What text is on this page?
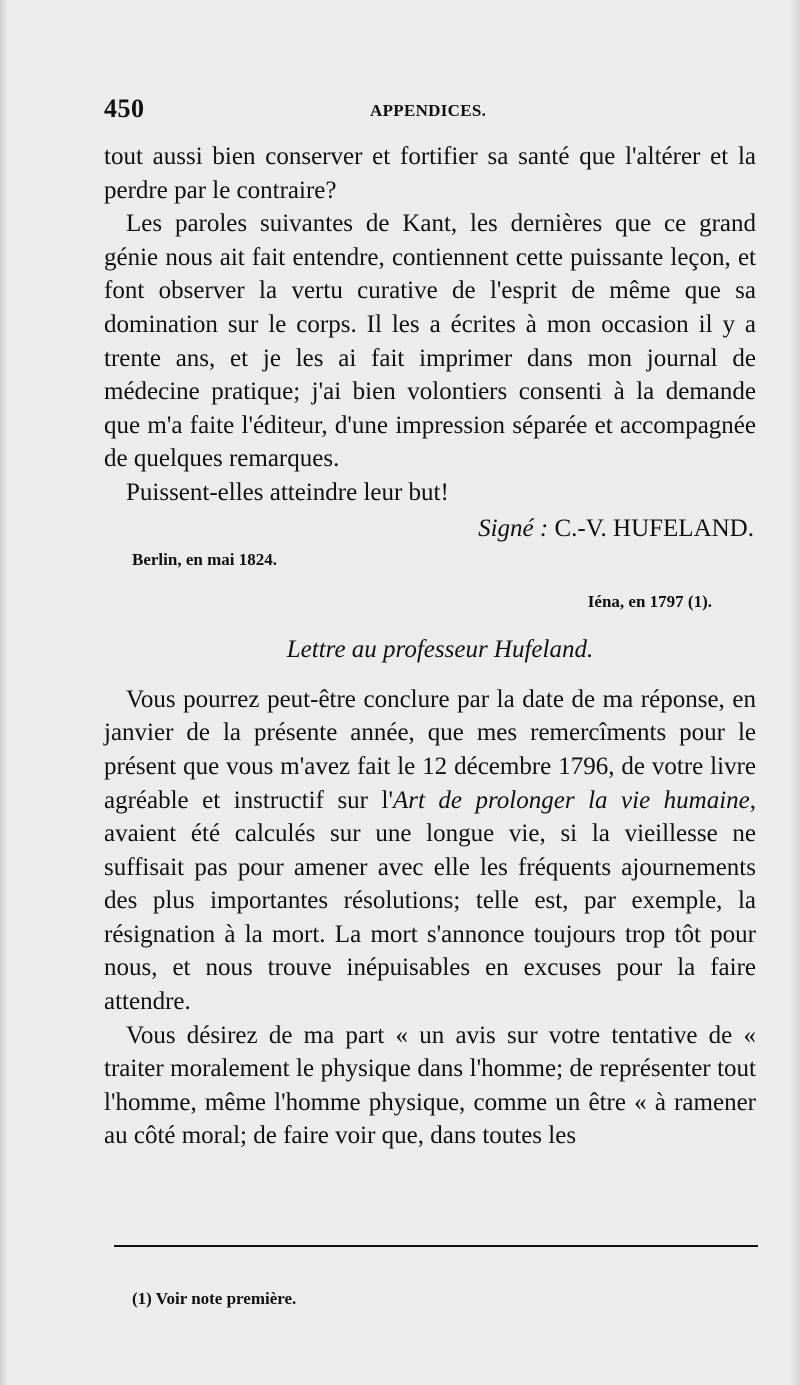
450	APPENDICES.

tout aussi bien conserver et fortifier sa santé que l'altérer et la perdre par le contraire?

Les paroles suivantes de Kant, les dernières que ce grand génie nous ait fait entendre, contiennent cette puissante leçon, et font observer la vertu curative de l'esprit de même que sa domination sur le corps. Il les a écrites à mon occasion il y a trente ans, et je les ai fait imprimer dans mon journal de médecine pratique; j'ai bien volontiers consenti à la demande que m'a faite l'éditeur, d'une impression séparée et accompagnée de quelques remarques.

Puissent-elles atteindre leur but!

Signé : C.-V. HUFELAND.

Berlin, en mai 1824.

Iéna, en 1797 (1).

Lettre au professeur Hufeland.

Vous pourrez peut-être conclure par la date de ma réponse, en janvier de la présente année, que mes remercîments pour le présent que vous m'avez fait le 12 décembre 1796, de votre livre agréable et instructif sur l'Art de prolonger la vie humaine, avaient été calculés sur une longue vie, si la vieillesse ne suffisait pas pour amener avec elle les fréquents ajournements des plus importantes résolutions; telle est, par exemple, la résignation à la mort. La mort s'annonce toujours trop tôt pour nous, et nous trouve inépuisables en excuses pour la faire attendre.

Vous désirez de ma part « un avis sur votre tentative de « traiter moralement le physique dans l'homme; de représenter tout l'homme, même l'homme physique, comme un être « à ramener au côté moral; de faire voir que, dans toutes les

(1) Voir note première.
